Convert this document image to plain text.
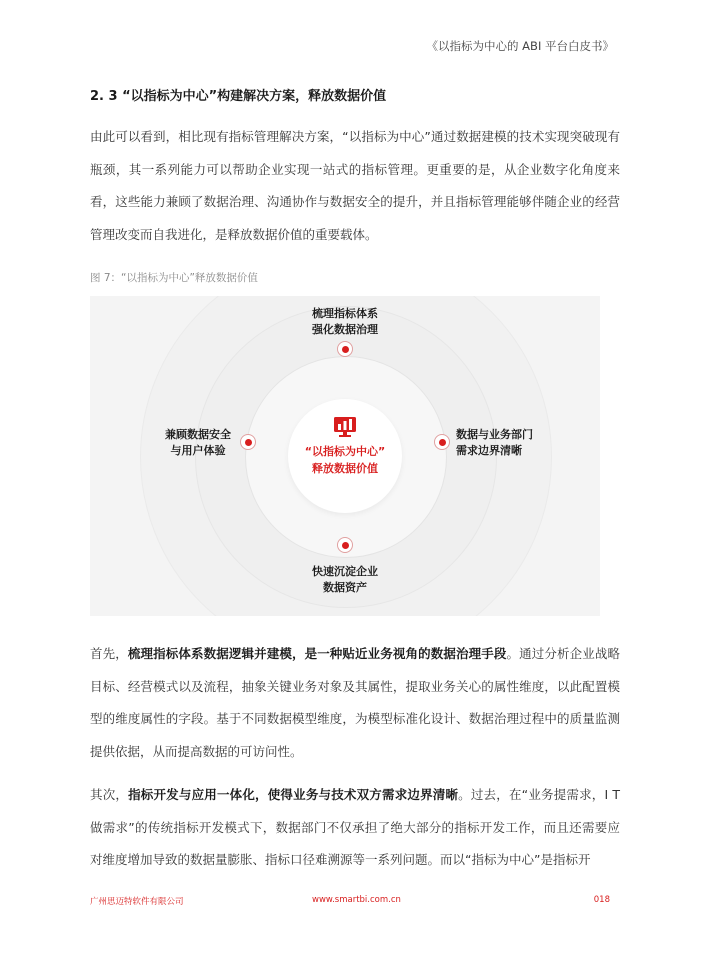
《以指标为中心的 ABI 平台白皮书》
2. 3 “以指标为中心”构建解决方案，释放数据价值

由此可以看到，相比现有指标管理解决方案，“以指标为中心”通过数据建模的技术实现突破现有瓶颈，其一系列能力可以帮助企业实现一站式的指标管理。更重要的是，从企业数字化角度来看，这些能力兼顾了数据治理、沟通协作与数据安全的提升，并且指标管理能够伴随企业的经营管理改变而自我进化，是释放数据价值的重要载体。

图 7：“以指标为中心”释放数据价值
“以指标为中心”
释放数据价值
梳理指标体系
强化数据治理
兼顾数据安全
与用户体验
数据与业务部门
需求边界清晰
快速沉淀企业
数据资产

首先，梳理指标体系数据逻辑并建模，是一种贴近业务视角的数据治理手段。通过分析企业战略目标、经营模式以及流程，抽象关键业务对象及其属性，提取业务关心的属性维度，以此配置模型的维度属性的字段。基于不同数据模型维度，为模型标准化设计、数据治理过程中的质量监测提供依据，从而提高数据的可访问性。

其次，指标开发与应用一体化，使得业务与技术双方需求边界清晰。过去，在“业务提需求，I T 做需求”的传统指标开发模式下，数据部门不仅承担了绝大部分的指标开发工作，而且还需要应对维度增加导致的数据量膨胀、指标口径难溯源等一系列问题。而以“指标为中心”是指标开

广州思迈特软件有限公司	www.smartbi.com.cn	018
